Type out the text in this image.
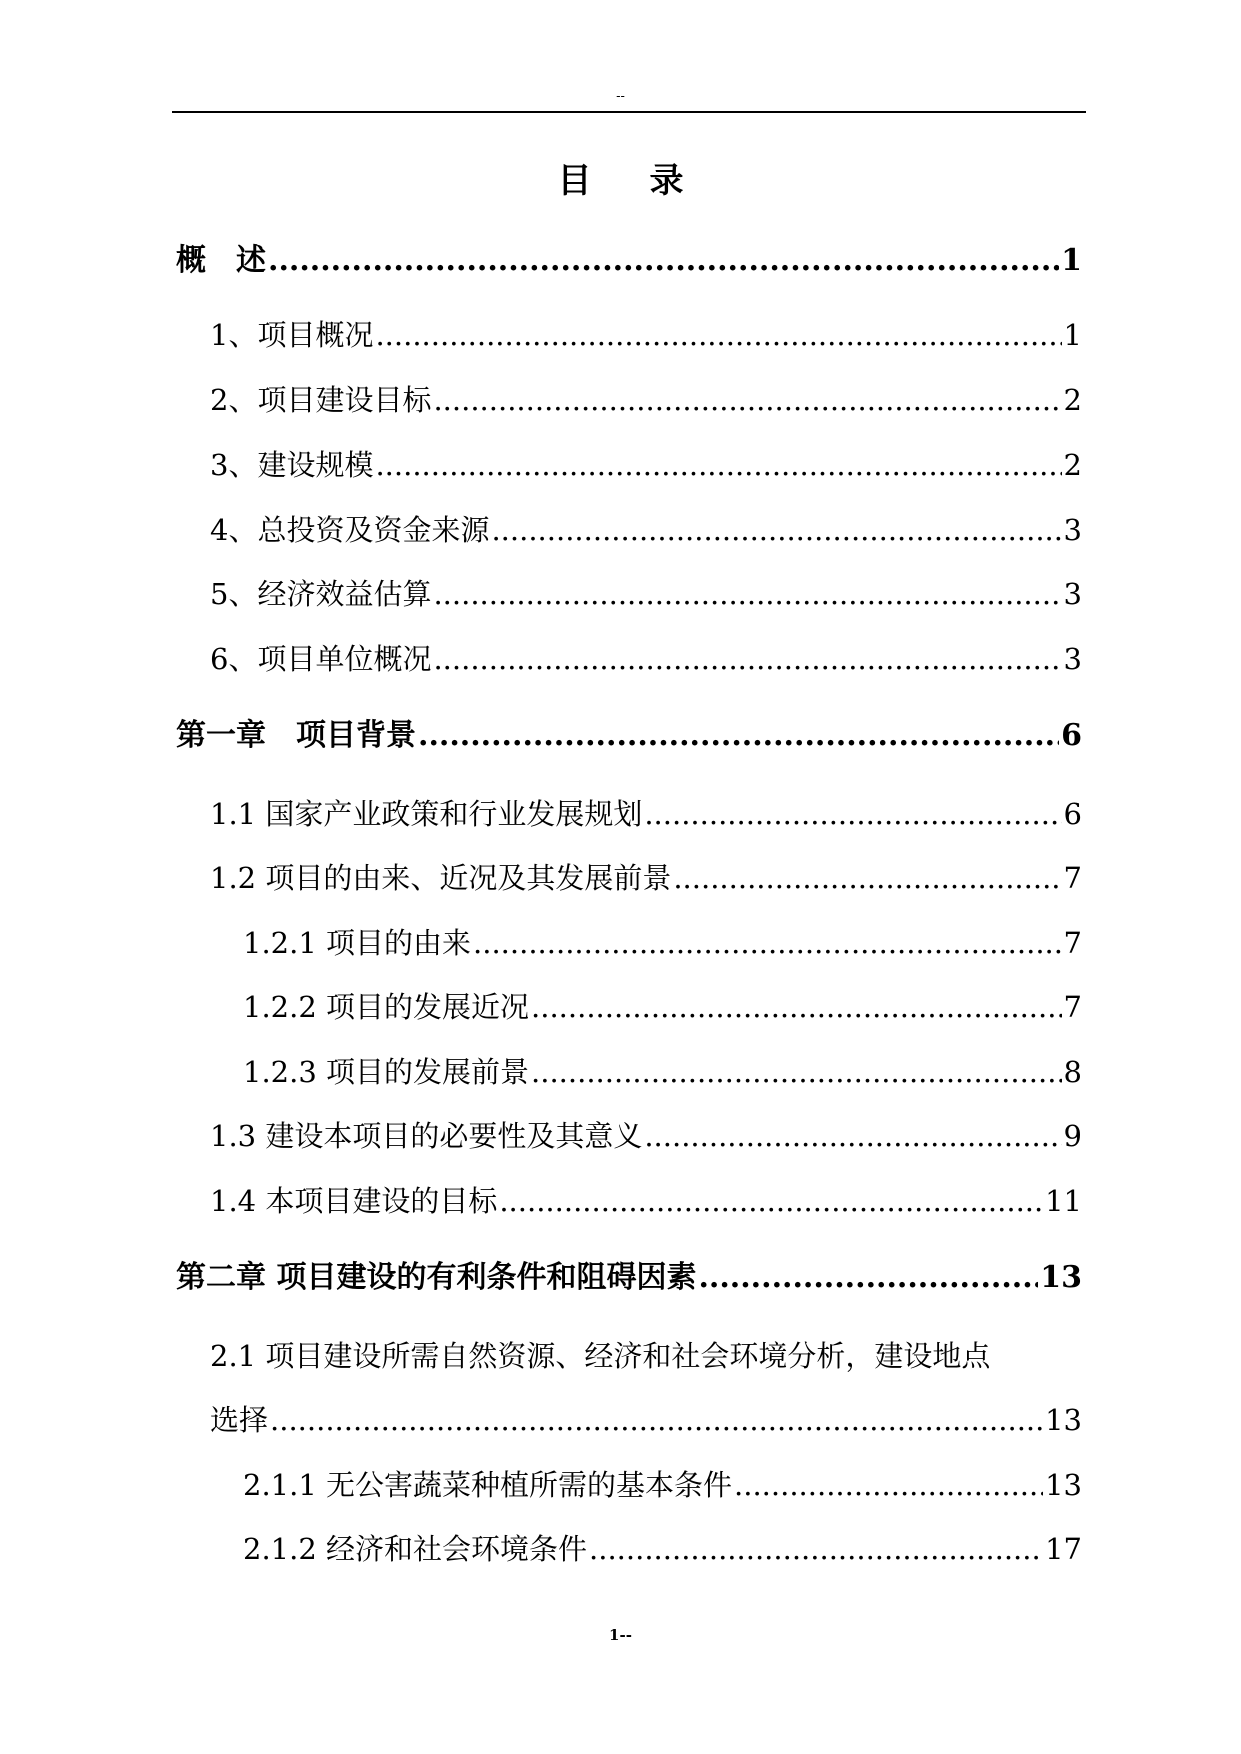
--
目录
概　述 .....	1
1、项目概况 .....	1
2、项目建设目标 .....	2
3、建设规模 .....	2
4、总投资及资金来源 .....	3
5、经济效益估算 .....	3
6、项目单位概况 .....	3
第一章　项目背景 .....	6
1.1 国家产业政策和行业发展规划 .....	6
1.2 项目的由来、近况及其发展前景 .....	7
1.2.1 项目的由来 .....	7
1.2.2 项目的发展近况 .....	7
1.2.3 项目的发展前景 .....	8
1.3 建设本项目的必要性及其意义 .....	9
1.4 本项目建设的目标 .....	11
第二章 项目建设的有利条件和阻碍因素 .....	13
2.1 项目建设所需自然资源、经济和社会环境分析，建设地点
选择 .....	13
2.1.1 无公害蔬菜种植所需的基本条件 .....	13
2.1.2 经济和社会环境条件 .....	17
1--
